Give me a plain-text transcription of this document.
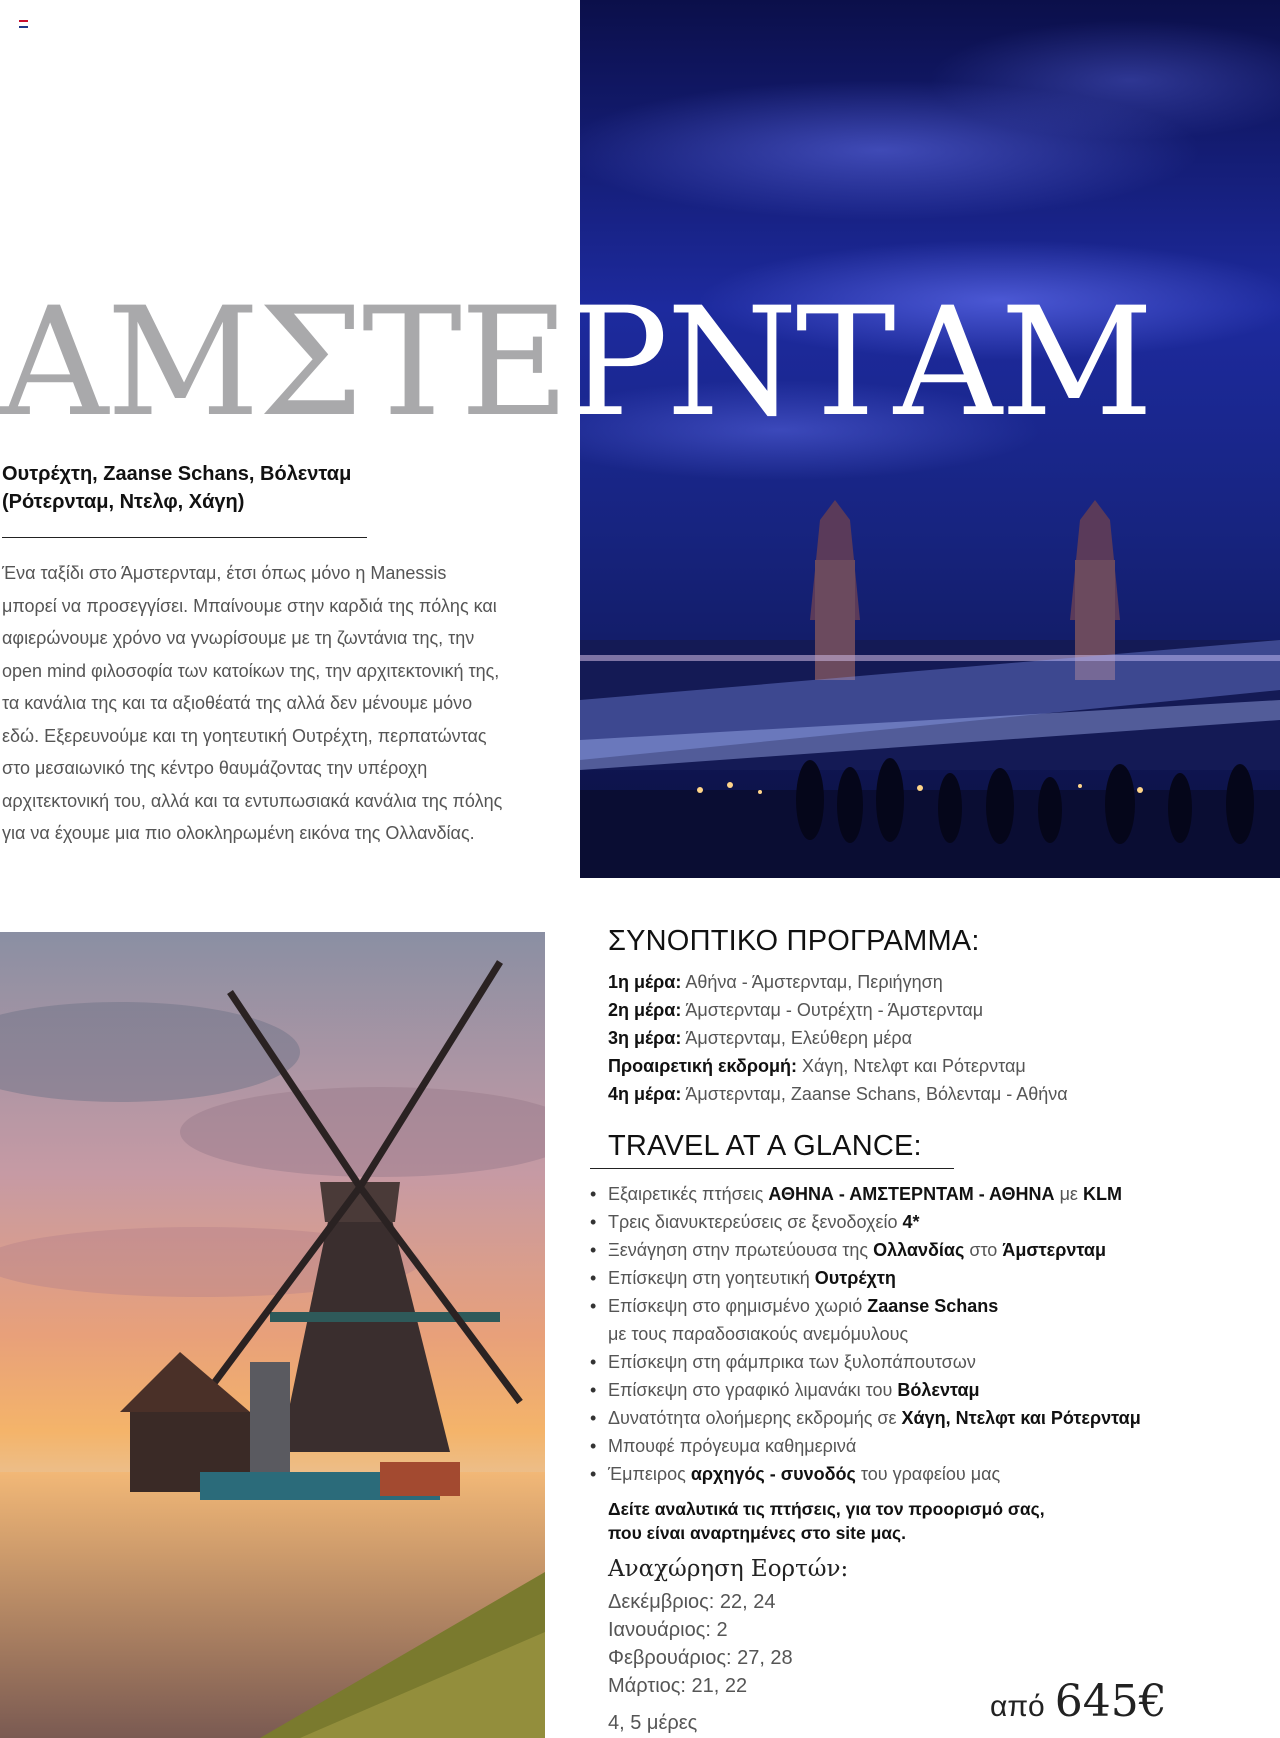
ΑΜΣΤΕΡΝΤΑΜ
Ουτρέχτη, Zaanse Schans, Βόλενταμ
(Ρότερνταμ, Ντελφ, Χάγη)
Ένα ταξίδι στο Άμστερνταμ, έτσι όπως μόνο η Manessis
μπορεί να προσεγγίσει. Μπαίνουμε στην καρδιά της πόλης και
αφιερώνουμε χρόνο να γνωρίσουμε με τη ζωντάνια της, την
open mind φιλοσοφία των κατοίκων της, την αρχιτεκτονική της,
τα κανάλια της και τα αξιοθέατά της αλλά δεν μένουμε μόνο
εδώ. Εξερευνούμε και τη γοητευτική Ουτρέχτη, περπατώντας
στο μεσαιωνικό της κέντρο θαυμάζοντας την υπέροχη
αρχιτεκτονική του, αλλά και τα εντυπωσιακά κανάλια της πόλης
για να έχουμε μια πιο ολοκληρωμένη εικόνα της Ολλανδίας.
ΣΥΝΟΠΤΙΚΟ ΠΡΟΓΡΑΜΜΑ:
1η μέρα: Αθήνα - Άμστερνταμ, Περιήγηση
2η μέρα: Άμστερνταμ - Ουτρέχτη - Άμστερνταμ
3η μέρα: Άμστερνταμ, Ελεύθερη μέρα
Προαιρετική εκδρομή: Χάγη, Ντελφτ και Ρότερνταμ
4η μέρα: Άμστερνταμ, Zaanse Schans, Βόλενταμ - Αθήνα
TRAVEL AT A GLANCE:
• Εξαιρετικές πτήσεις ΑΘΗΝΑ - ΑΜΣΤΕΡΝΤΑΜ - ΑΘΗΝΑ με KLM
• Τρεις διανυκτερεύσεις σε ξενοδοχείο 4*
• Ξενάγηση στην πρωτεύουσα της Ολλανδίας στο Άμστερνταμ
• Επίσκεψη στη γοητευτική Ουτρέχτη
• Επίσκεψη στο φημισμένο χωριό Zaanse Schans
με τους παραδοσιακούς ανεμόμυλους
• Επίσκεψη στη φάμπρικα των ξυλοπάπουτσων
• Επίσκεψη στο γραφικό λιμανάκι του Βόλενταμ
• Δυνατότητα ολοήμερης εκδρομής σε Χάγη, Ντελφτ και Ρότερνταμ
• Μπουφέ πρόγευμα καθημερινά
• Έμπειρος αρχηγός - συνοδός του γραφείου μας
Δείτε αναλυτικά τις πτήσεις, για τον προορισμό σας,
που είναι αναρτημένες στο site μας.
Αναχώρηση Εορτών:
Δεκέμβριος: 22, 24
Ιανουάριος: 2
Φεβρουάριος: 27, 28
Μάρτιος: 21, 22
4, 5 μέρες	από 645€
